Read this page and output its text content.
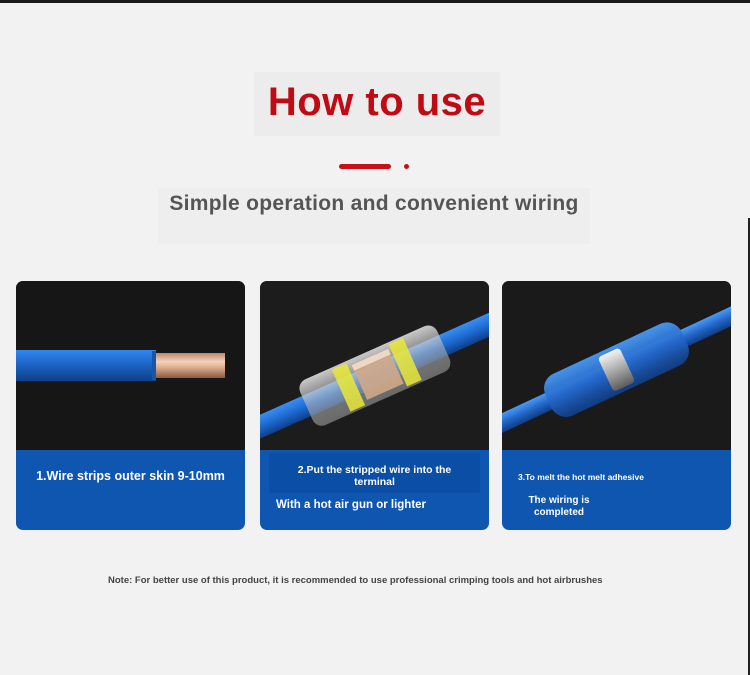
How to use
Simple operation and convenient wiring
1.Wire strips outer skin 9-10mm	2.Put the stripped wire into the terminal
With a hot air gun or lighter
3.To melt the hot melt adhesive
The wiring is completed
Note: For better use of this product, it is recommended to use professional crimping tools and hot airbrushes
